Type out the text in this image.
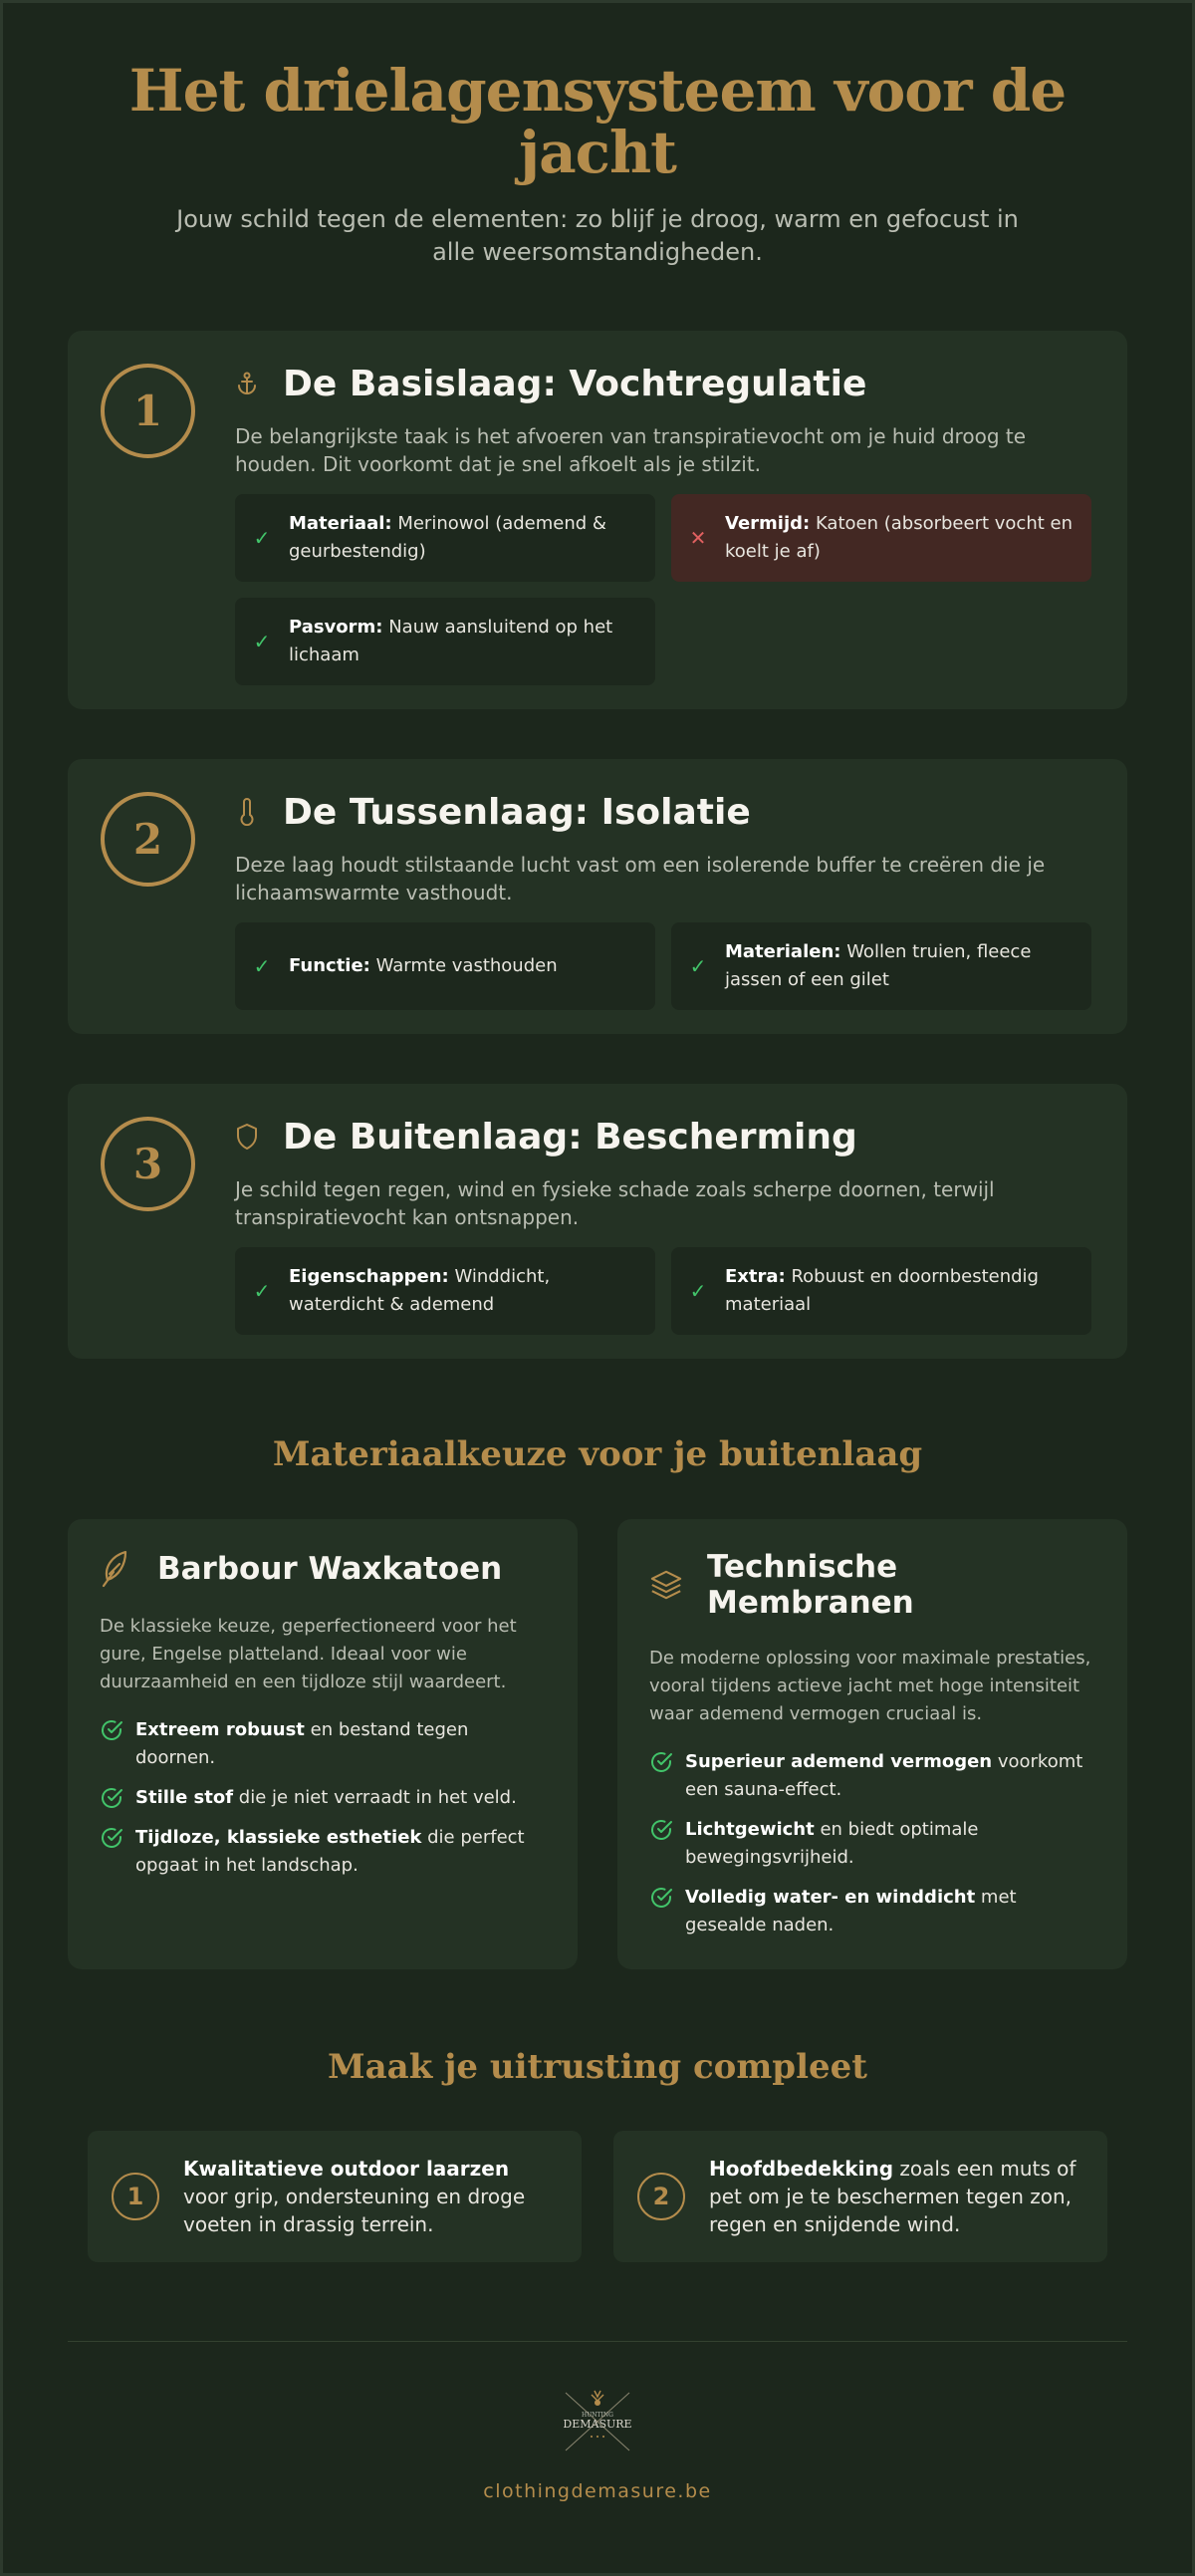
Het drielagensysteem voor de jacht

Jouw schild tegen de elementen: zo blijf je droog, warm en gefocust in alle weersomstandigheden.

1
De Basislaag: Vochtregulatie

De belangrijkste taak is het afvoeren van transpiratievocht om je huid droog te houden. Dit voorkomt dat je snel afkoelt als je stilzit.

✓
Materiaal: Merinowol (ademend & geurbestendig)
✕
Vermijd: Katoen (absorbeert vocht en koelt je af)
✓
Pasvorm: Nauw aansluitend op het lichaam
2
De Tussenlaag: Isolatie

Deze laag houdt stilstaande lucht vast om een isolerende buffer te creëren die je lichaamswarmte vasthoudt.

✓ Functie: Warmte vasthouden	✓
Materialen: Wollen truien, fleece jassen of een gilet
3
De Buitenlaag: Bescherming

Je schild tegen regen, wind en fysieke schade zoals scherpe doornen, terwijl transpiratievocht kan ontsnappen.

✓
Eigenschappen: Winddicht, waterdicht & ademend
✓
Extra: Robuust en doornbestendig materiaal
Materiaalkeuze voor je buitenlaag
Barbour Waxkatoen

De klassieke keuze, geperfectioneerd voor het gure, Engelse platteland. Ideaal voor wie duurzaamheid en een tijdloze stijl waardeert.

Extreem robuust en bestand tegen doornen.
Stille stof die je niet verraadt in het veld.
Tijdloze, klassieke esthetiek die perfect opgaat in het landschap.
Technische Membranen

De moderne oplossing voor maximale prestaties, vooral tijdens actieve jacht met hoge intensiteit waar ademend vermogen cruciaal is.

Superieur ademend vermogen voorkomt een sauna-effect.
Lichtgewicht en biedt optimale bewegingsvrijheid.
Volledig water- en winddicht met gesealde naden.
Maak je uitrusting compleet
1
Kwalitatieve outdoor laarzen voor grip, ondersteuning en droge voeten in drassig terrein.
2
Hoofdbedekking zoals een muts of pet om je te beschermen tegen zon, regen en snijdende wind.
HUNTING
DEMASURE
clothingdemasure.be
